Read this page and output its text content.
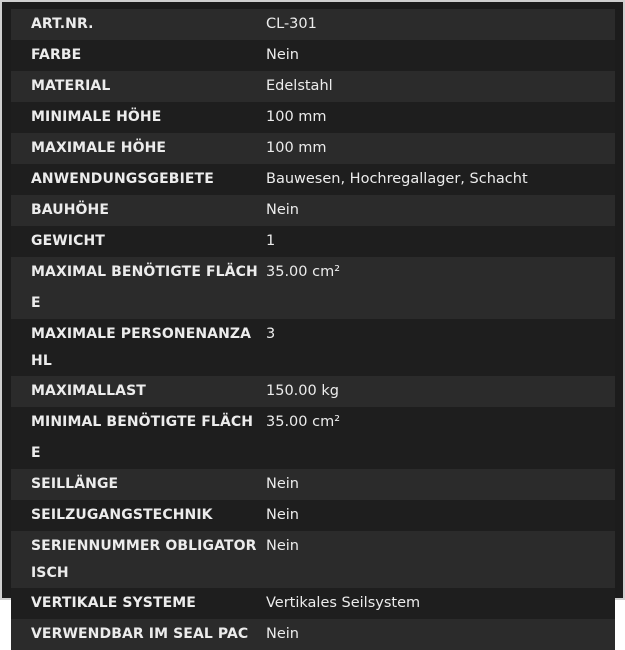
ART.NR.	CL-301
FARBE	Nein
MATERIAL	Edelstahl
MINIMALE HÖHE	100 mm
MAXIMALE HÖHE	100 mm
ANWENDUNGSGEBIETE	Bauwesen, Hochregallager, Schacht
BAUHÖHE	Nein
GEWICHT	1
MAXIMAL BENÖTIGTE FLÄCHE	35.00 cm²
MAXIMALE PERSONENANZAHL	3
MAXIMALLAST	150.00 kg
MINIMAL BENÖTIGTE FLÄCHE	35.00 cm²
SEILLÄNGE	Nein
SEILZUGANGSTECHNIK	Nein
SERIENNUMMER OBLIGATORISCH	Nein
VERTIKALE SYSTEME	Vertikales Seilsystem
VERWENDBAR IM SEAL PAC	Nein
